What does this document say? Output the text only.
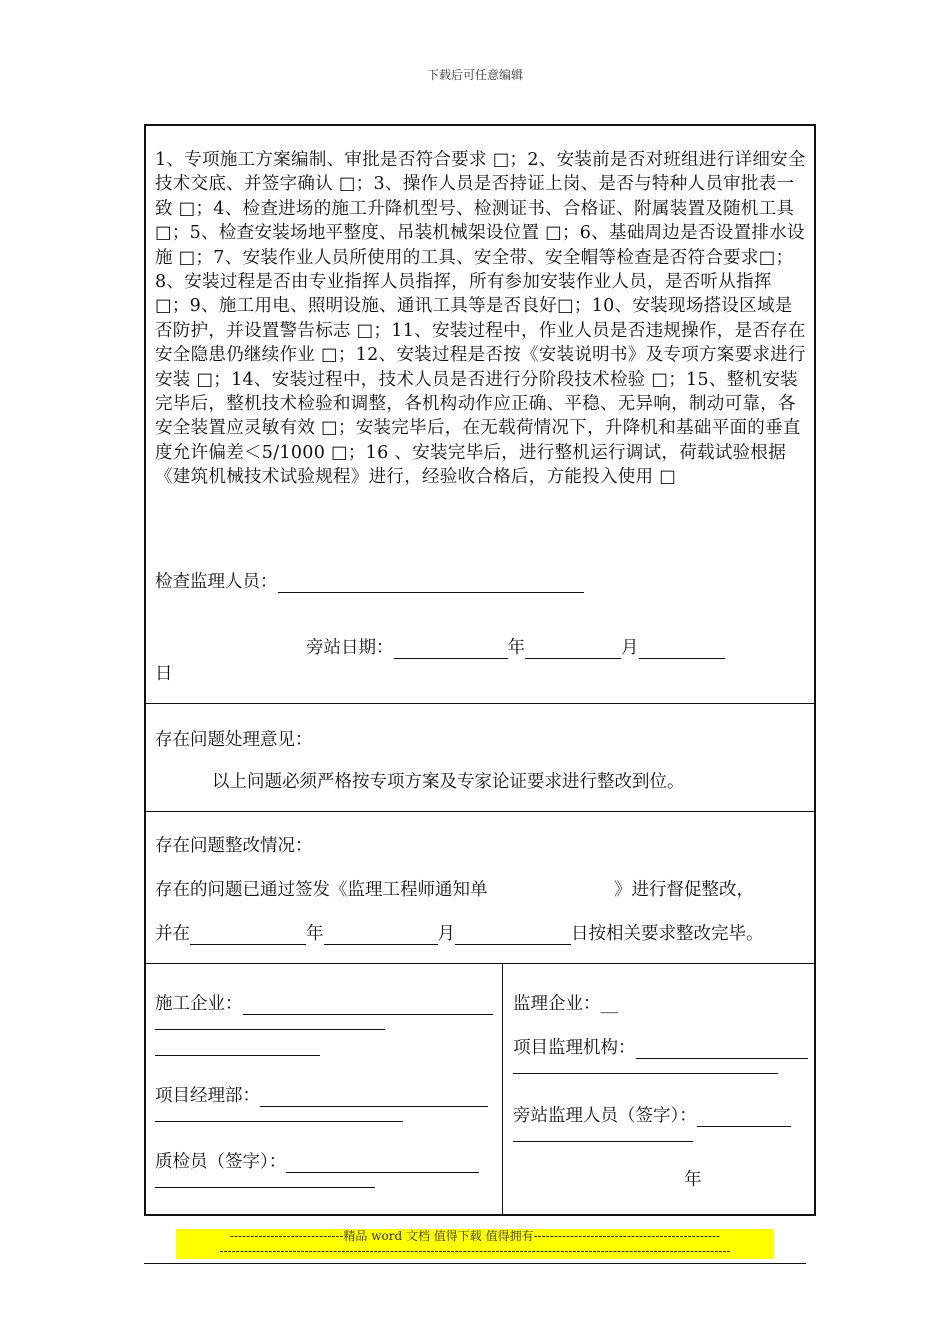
下载后可任意编辑
1、专项施工方案编制、审批是否符合要求 □；2、安装前是否对班组进行详细安全技术交底、并签字确认 □；3、操作人员是否持证上岗、是否与特种人员审批表一致 □；4、检查进场的施工升降机型号、检测证书、合格证、附属装置及随机工具 □；5、检查安装场地平整度、吊装机械架设位置 □；6、基础周边是否设置排水设施 □；7、安装作业人员所使用的工具、安全带、安全帽等检查是否符合要求□；8、安装过程是否由专业指挥人员指挥，所有参加安装作业人员，是否听从指挥 □；9、施工用电、照明设施、通讯工具等是否良好□；10、安装现场搭设区域是否防护，并设置警告标志 □；11、安装过程中，作业人员是否违规操作，是否存在安全隐患仍继续作业 □；12、安装过程是否按《安装说明书》及专项方案要求进行安装 □；14、安装过程中，技术人员是否进行分阶段技术检验 □；15、整机安装完毕后，整机技术检验和调整，各机构动作应正确、平稳、无异响，制动可靠，各安全装置应灵敏有效 □；安装完毕后，在无载荷情况下，升降机和基础平面的垂直度允许偏差＜5/1000 □；16 、安装完毕后，进行整机运行调试，荷载试验根据《建筑机械技术试验规程》进行，经验收合格后，方能投入使用 □
检查监理人员：
旁站日期：	年	月
日
存在问题处理意见：
以上问题必须严格按专项方案及专家论证要求进行整改到位。
存在问题整改情况：
存在的问题已通过签发《监理工程师通知单	》进行督促整改，
并在	年	月	日按相关要求整改完毕。
施工企业：
项目经理部：
质检员（签字）：
监理企业：__
项目监理机构：
旁站监理人员（签字）：
年
----------------------------精品 word 文档 值得下载 值得拥有----------------------------------------------
------------------------------------------------------------------------------------------------------------------------------
